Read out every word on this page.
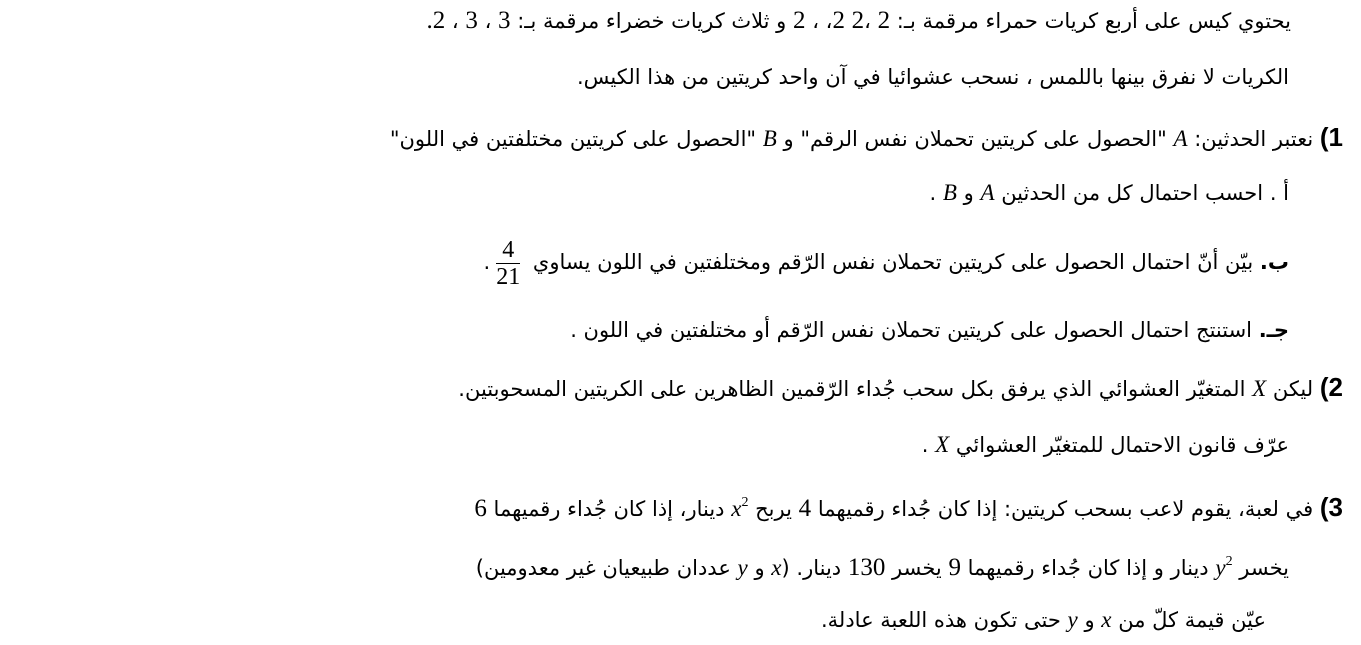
يحتوي كيس على أربع كريات حمراء مرقمة بـ: 2 ،2 2، ، 2 و ثلاث كريات خضراء مرقمة بـ: 3 ، 3 ، 2.
الكريات لا نفرق بينها باللمس ، نسحب عشوائيا في آن واحد كريتين من هذا الكيس.
1) نعتبر الحدثين: A "الحصول على كريتين تحملان نفس الرقم" و B "الحصول على كريتين مختلفتين في اللون"
أ . احسب احتمال كل من الحدثين A و B .
ب. بيّن أنّ احتمال الحصول على كريتين تحملان نفس الرّقم ومختلفتين في اللون يساوي
$\frac{4}{21}$
.
جـ. استنتج احتمال الحصول على كريتين تحملان نفس الرّقم أو مختلفتين في اللون .
2) ليكن X المتغيّر العشوائي الذي يرفق بكل سحب جُداء الرّقمين الظاهرين على الكريتين المسحوبتين.
عرّف قانون الاحتمال للمتغيّر العشوائي X .
3) في لعبة، يقوم لاعب بسحب كريتين: إذا كان جُداء رقميهما 4 يربح $x^2$ دينار، إذا كان جُداء رقميهما 6
يخسر $y^2$ دينار و إذا كان جُداء رقميهما 9 يخسر 130 دينار. (x و y عددان طبيعيان غير معدومين)
عيّن قيمة كلّ من x و y حتى تكون هذه اللعبة عادلة.
